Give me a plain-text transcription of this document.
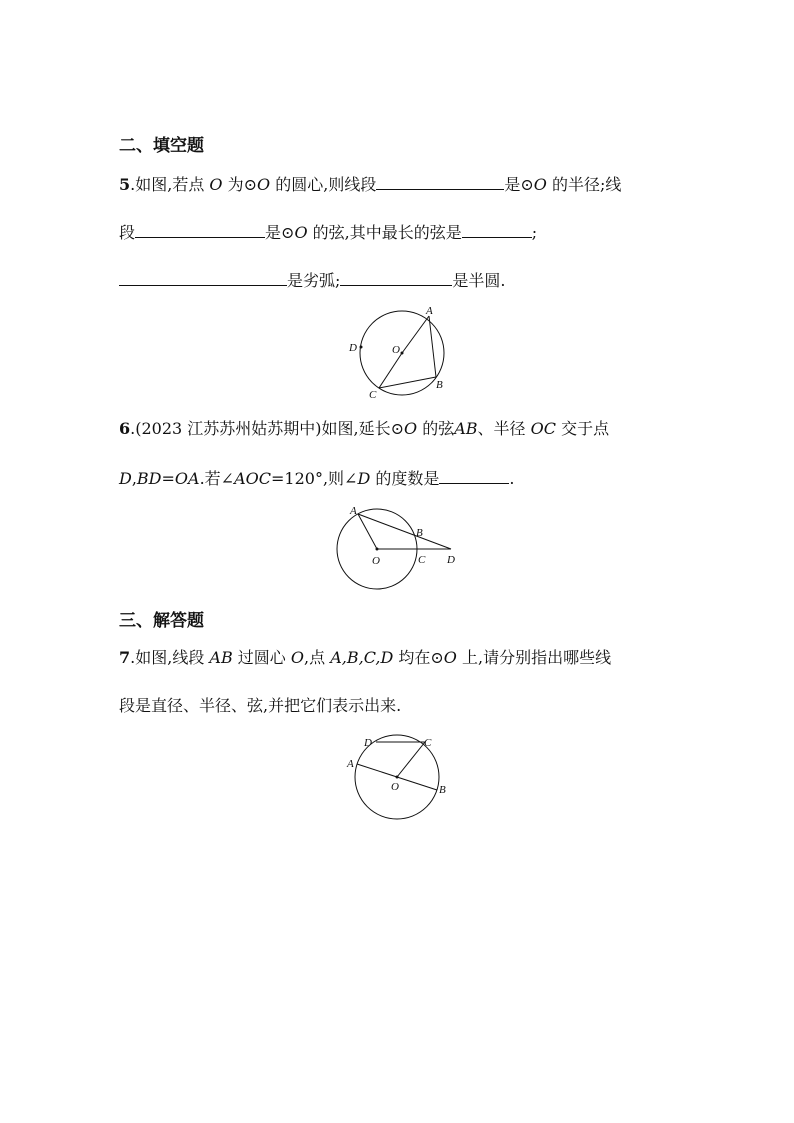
二、填空题
5.如图,若点 O 为⊙O 的圆心,则线段	是⊙O 的半径;线
段	是⊙O 的弦,其中最长的弦是	;
是劣弧;	是半圆.
A
B
C
D	O
6.(2023 江苏苏州姑苏期中)如图,延长⊙O 的弦AB、半径 OC 交于点
D,BD=OA.若∠AOC=120°,则∠D 的度数是	.
A
B
C D
O
三、解答题
7.如图,线段 AB 过圆心 O,点 A,B,C,D 均在⊙O 上,请分别指出哪些线
段是直径、半径、弦,并把它们表示出来.
D	C
A
B
O
